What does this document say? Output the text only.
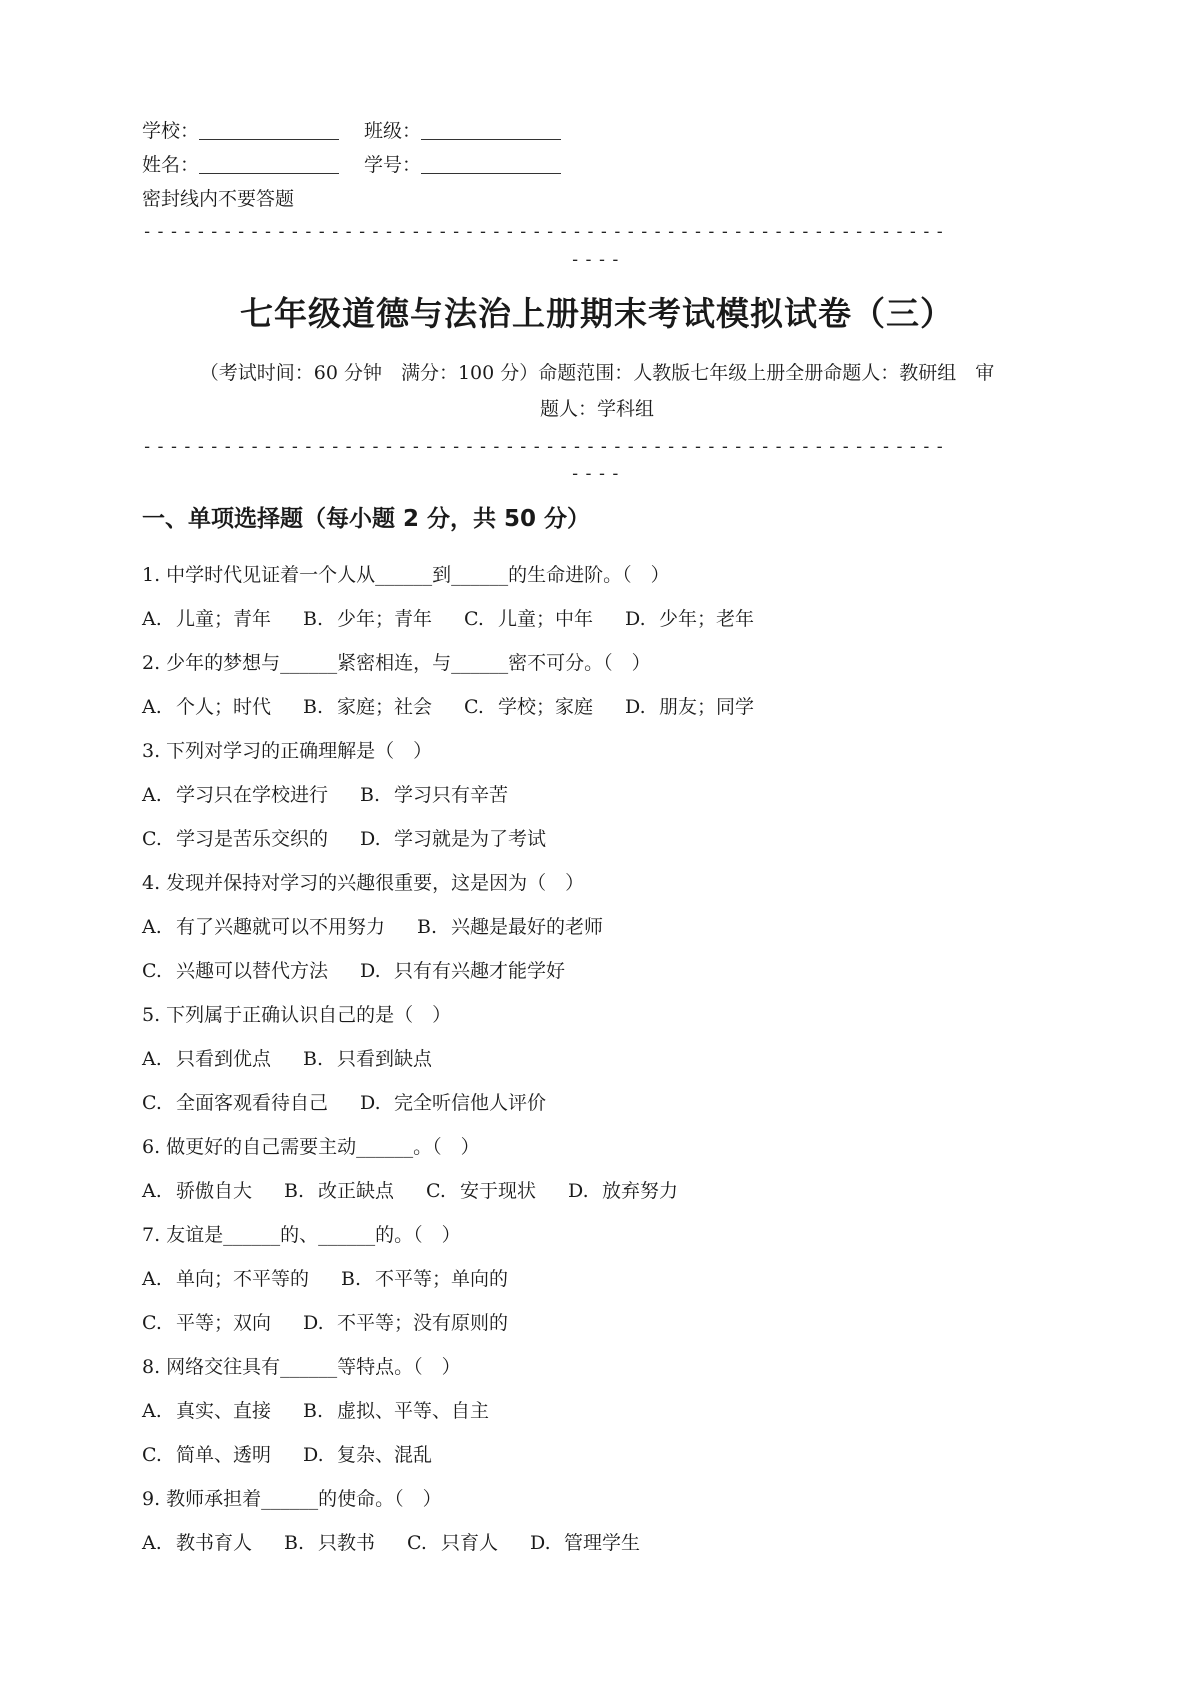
学校：	班级：
姓名：	学号：
密封线内不要答题
------------------------------------------------------------
----
七年级道德与法治上册期末考试模拟试卷（三）
（考试时间：60 分钟　满分：100 分）命题范围：人教版七年级上册全册命题人：教研组　审
题人：学科组
------------------------------------------------------------
----
一、单项选择题（每小题 2 分，共 50 分）
1. 中学时代见证着一个人从______到______的生命进阶。（　）
A. 儿童；青年 B. 少年；青年 C. 儿童；中年 D. 少年；老年
2. 少年的梦想与______紧密相连，与______密不可分。（　）
A. 个人；时代 B. 家庭；社会 C. 学校；家庭 D. 朋友；同学
3. 下列对学习的正确理解是（　）
A. 学习只在学校进行 B. 学习只有辛苦
C. 学习是苦乐交织的 D. 学习就是为了考试
4. 发现并保持对学习的兴趣很重要，这是因为（　）
A. 有了兴趣就可以不用努力 B. 兴趣是最好的老师
C. 兴趣可以替代方法 D. 只有有兴趣才能学好
5. 下列属于正确认识自己的是（　）
A. 只看到优点 B. 只看到缺点
C. 全面客观看待自己 D. 完全听信他人评价
6. 做更好的自己需要主动______。（　）
A. 骄傲自大 B. 改正缺点 C. 安于现状 D. 放弃努力
7. 友谊是______的、______的。（　）
A. 单向；不平等的 B. 不平等；单向的
C. 平等；双向 D. 不平等；没有原则的
8. 网络交往具有______等特点。（　）
A. 真实、直接 B. 虚拟、平等、自主
C. 简单、透明 D. 复杂、混乱
9. 教师承担着______的使命。（　）
A. 教书育人 B. 只教书 C. 只育人 D. 管理学生
